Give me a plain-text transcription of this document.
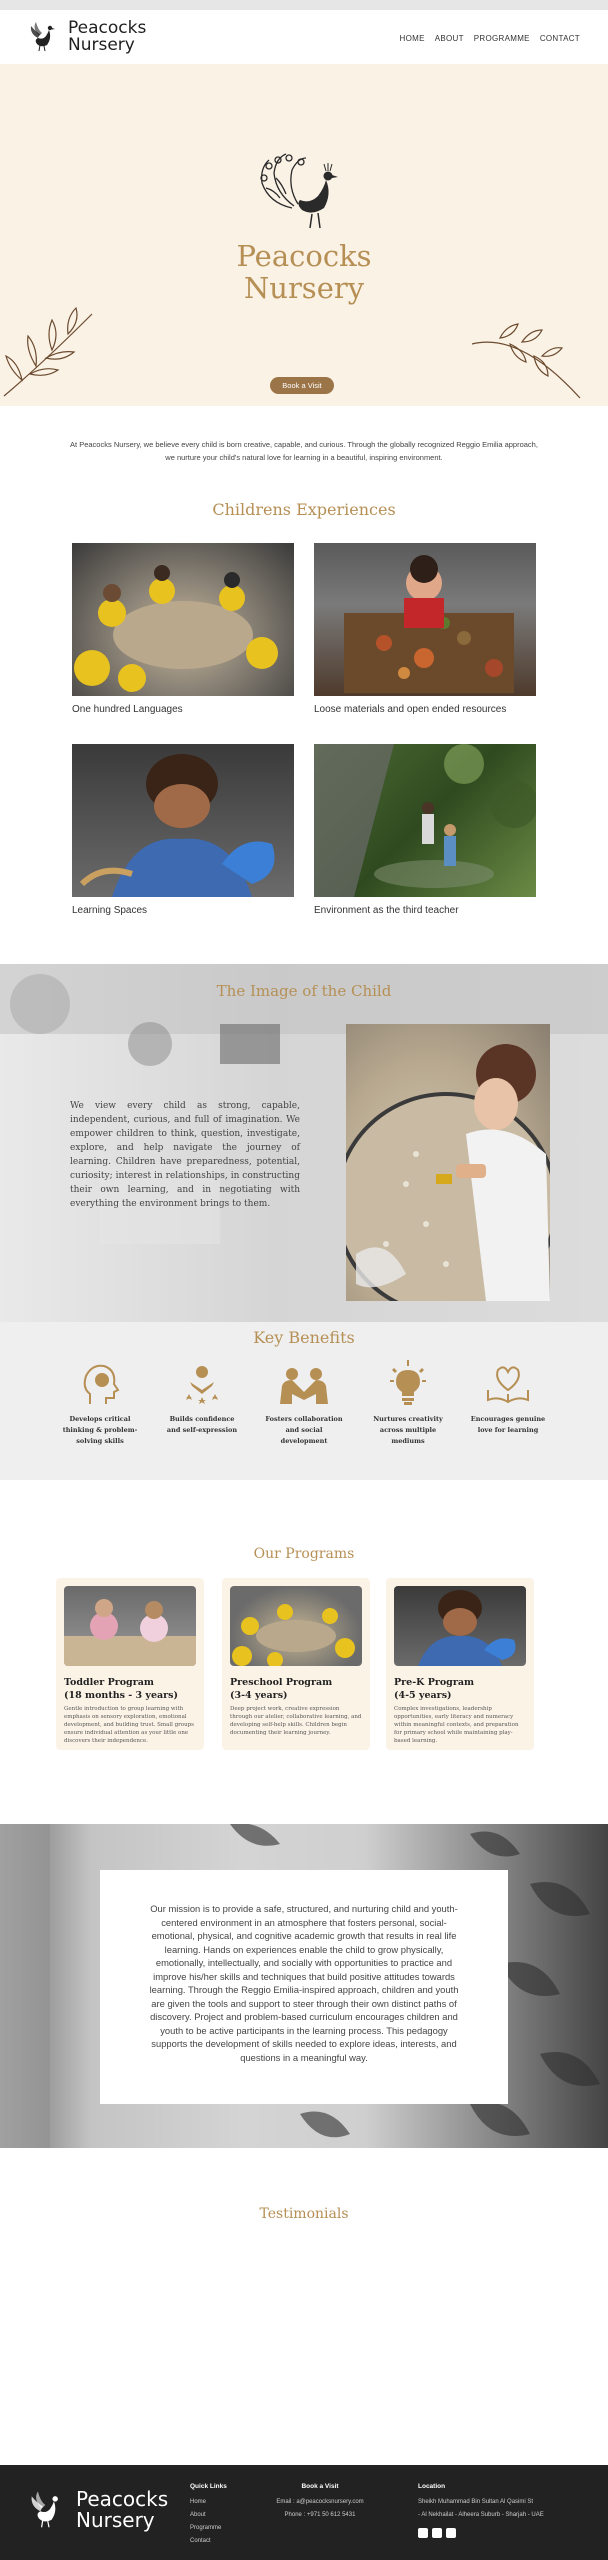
Peacocks
Nursery	HOME ABOUT PROGRAMME CONTACT
Peacocks
Nursery
Book a Visit

At Peacocks Nursery, we believe every child is born creative, capable, and curious. Through the globally recognized Reggio Emilia approach, we nurture your child's natural love for learning in a beautiful, inspiring environment.

Childrens Experiences
One hundred Languages	Loose materials and open ended resources
Learning Spaces	Environment as the third teacher
The Image of the Child

We view every child as strong, capable, independent, curious, and full of imagination. We empower children to think, question, investigate, explore, and help navigate the journey of learning. Children have preparedness, potential, curiosity; interest in relationships, in constructing their own learning, and in negotiating with everything the environment brings to them.

Key Benefits
Develops critical thinking & problem-solving skills
Builds confidence and self-expression
Fosters collaboration and social development
Nurtures creativity across multiple mediums
Encourages genuine love for learning
Our Programs
Toddler Program
(18 months - 3 years)
Gentle introduction to group learning with emphasis on sensory exploration, emotional development, and building trust. Small groups ensure individual attention as your little one discovers their independence.
Preschool Program
(3-4 years)
Deep project work, creative expression through our atelier, collaborative learning, and developing self-help skills. Children begin documenting their learning journey.
Pre-K Program
(4-5 years)
Complex investigations, leadership opportunities, early literacy and numeracy within meaningful contexts, and preparation for primary school while maintaining play-based learning.

Our mission is to provide a safe, structured, and nurturing child and youth-centered environment in an atmosphere that fosters personal, social-emotional, physical, and cognitive academic growth that results in real life learning. Hands on experiences enable the child to grow physically, emotionally, intellectually, and socially with opportunities to practice and improve his/her skills and techniques that build positive attitudes towards learning. Through the Reggio Emilia-inspired approach, children and youth are given the tools and support to steer through their own distinct paths of discovery. Project and problem-based curriculum encourages children and youth to be active participants in the learning process. This pedagogy supports the development of skills needed to explore ideas, interests, and questions in a meaningful way.

Testimonials
Peacocks
Nursery
Quick Links

Home

About

Programme

Contact

Book a Visit

Email : a@peacocksnursery.com

Phone : +971 50 612 5431

Location

Sheikh Muhammad Bin Sultan Al Qasimi St

- Al Nekhailat - Alheera Suburb - Sharjah - UAE
